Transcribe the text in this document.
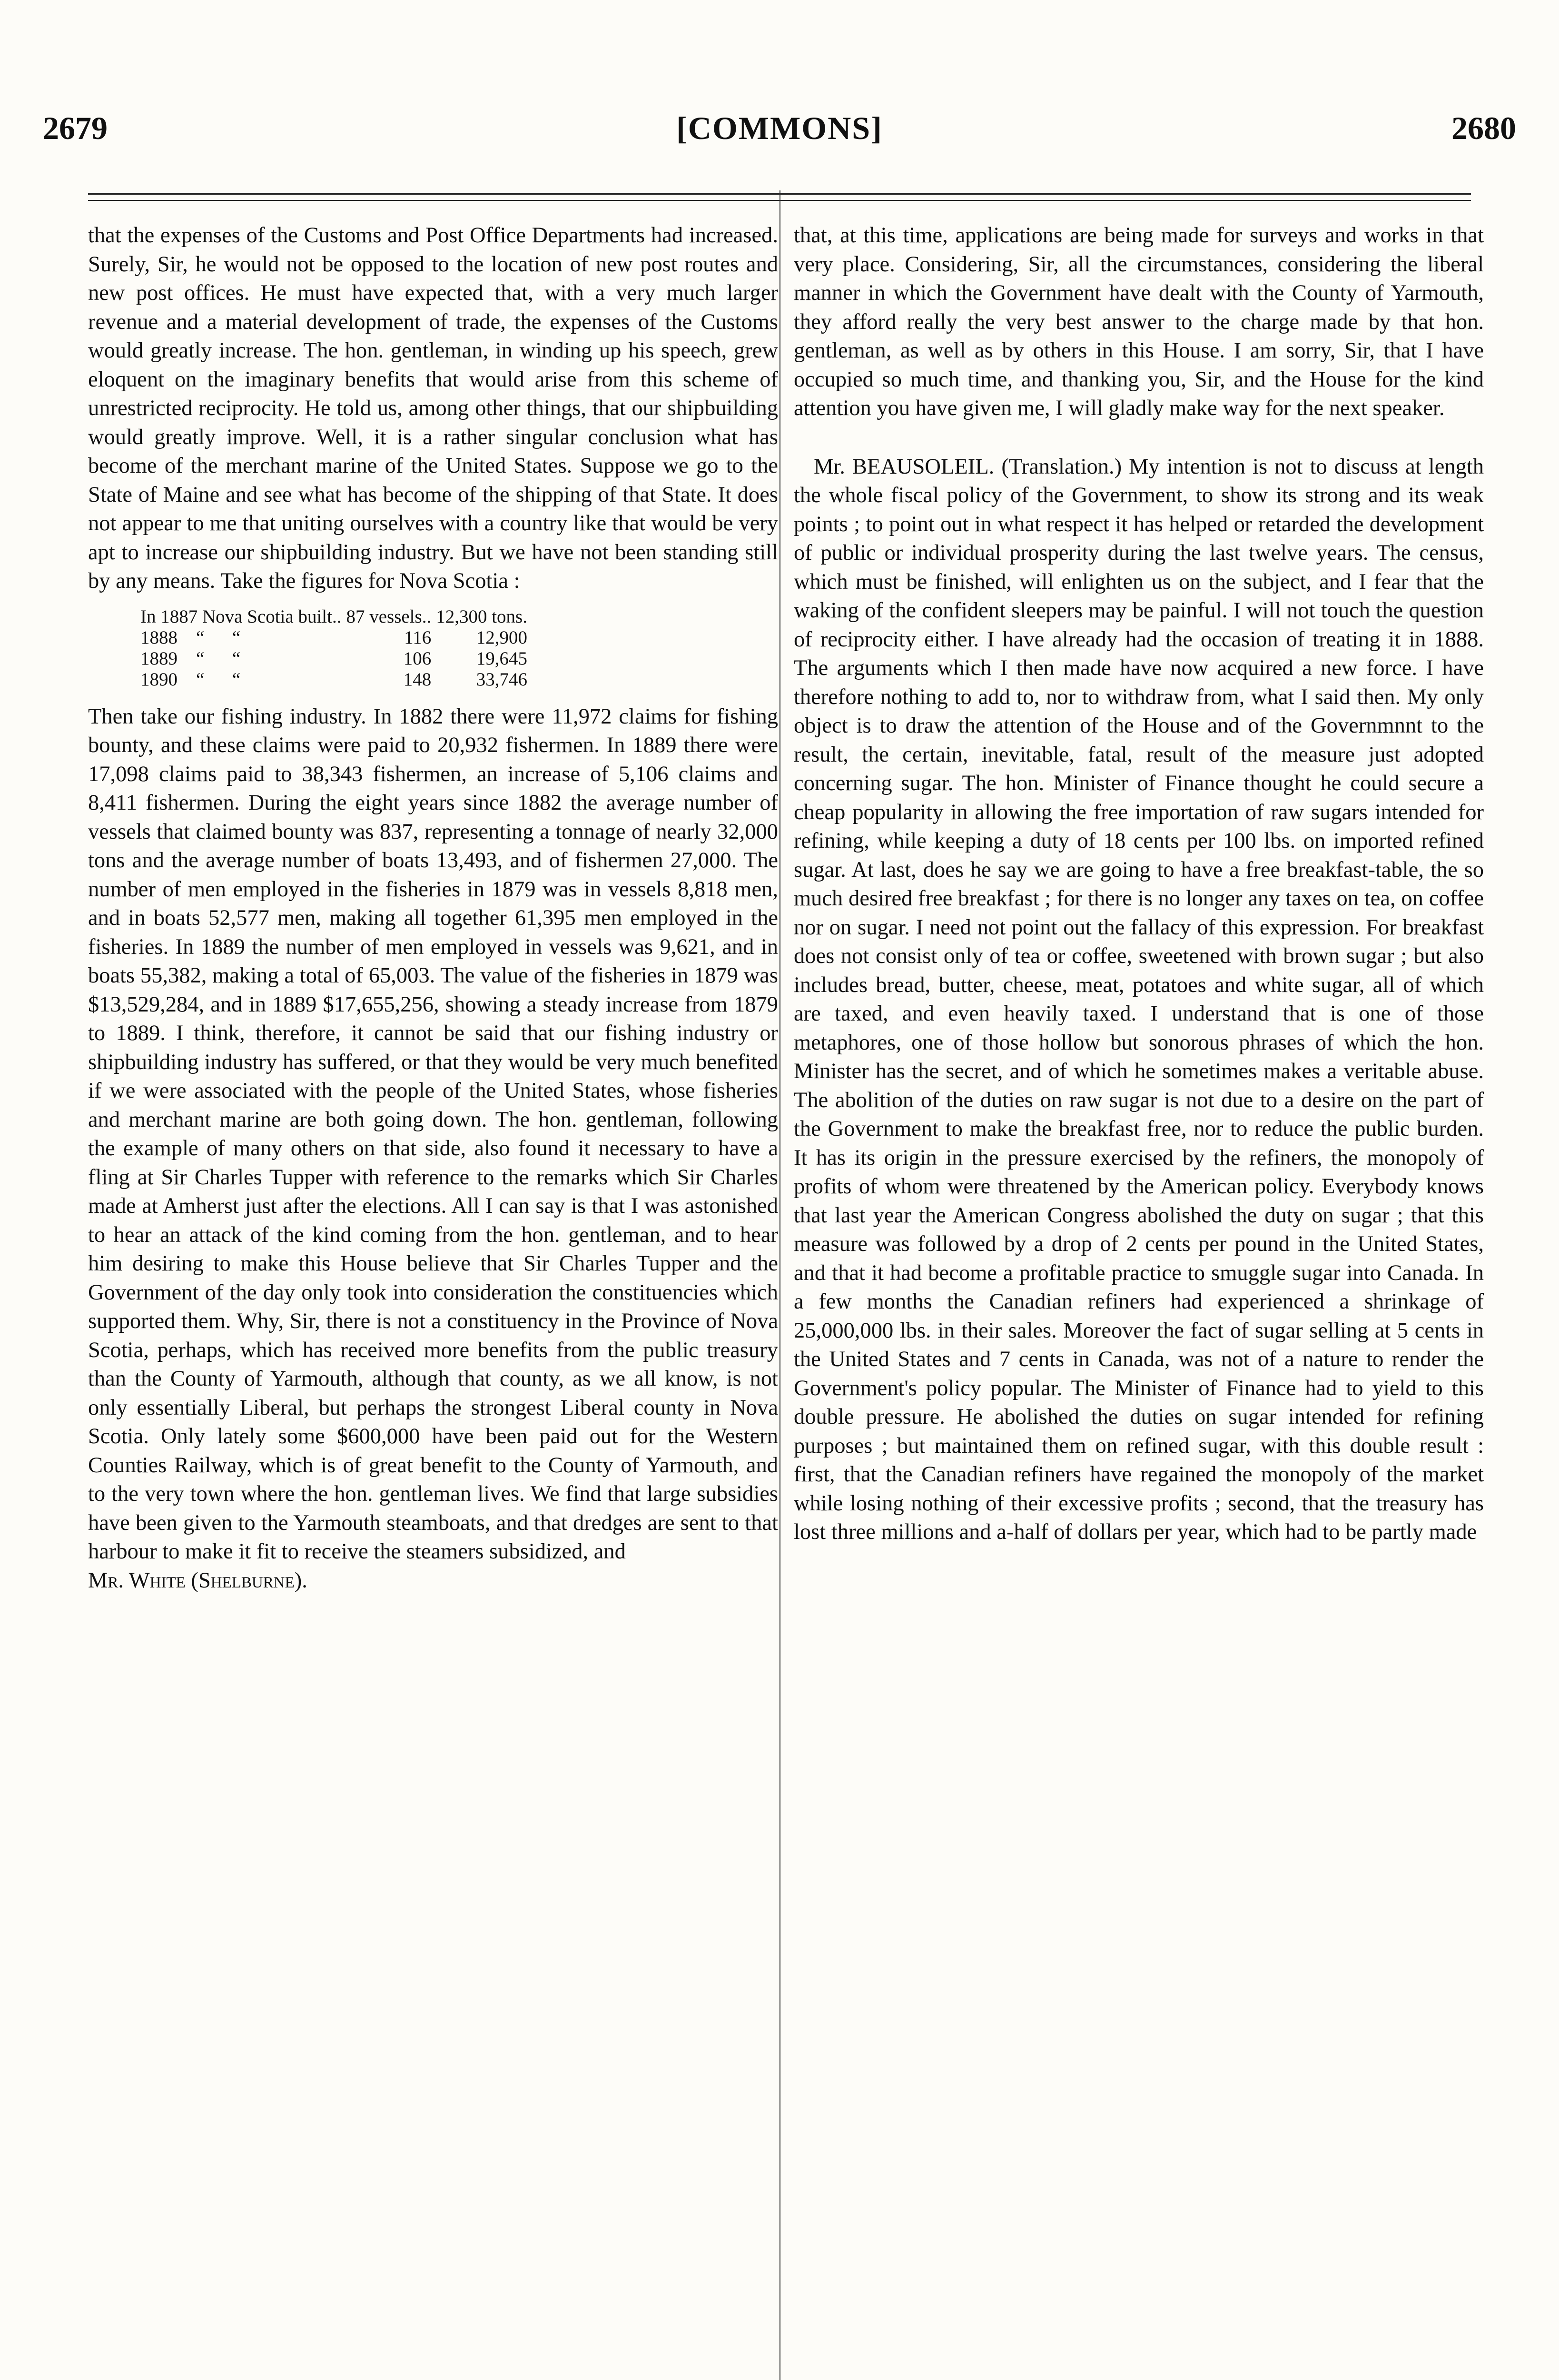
2679	[COMMONS]	2680

that the expenses of the Customs and Post Office Departments had increased. Surely, Sir, he would not be opposed to the location of new post routes and new post offices. He must have expected that, with a very much larger revenue and a material development of trade, the expenses of the Customs would greatly increase. The hon. gentleman, in winding up his speech, grew eloquent on the imaginary benefits that would arise from this scheme of unrestricted reciprocity. He told us, among other things, that our shipbuilding would greatly improve. Well, it is a rather singular conclusion what has become of the merchant marine of the United States. Suppose we go to the State of Maine and see what has become of the shipping of that State. It does not appear to me that uniting ourselves with a country like that would be very apt to increase our shipbuilding industry. But we have not been standing still by any means. Take the figures for Nova Scotia :

In 1887 Nova Scotia built..	87 vessels..	12,300 tons.
1888 “ “	116	12,900
1889 “ “	106	19,645
1890 “ “	148	33,746

Then take our fishing industry. In 1882 there were 11,972 claims for fishing bounty, and these claims were paid to 20,932 fishermen. In 1889 there were 17,098 claims paid to 38,343 fishermen, an increase of 5,106 claims and 8,411 fishermen. During the eight years since 1882 the average number of vessels that claimed bounty was 837, representing a tonnage of nearly 32,000 tons and the average number of boats 13,493, and of fishermen 27,000. The number of men employed in the fisheries in 1879 was in vessels 8,818 men, and in boats 52,577 men, making all together 61,395 men employed in the fisheries. In 1889 the number of men employed in vessels was 9,621, and in boats 55,382, making a total of 65,003. The value of the fisheries in 1879 was $13,529,284, and in 1889 $17,655,256, showing a steady increase from 1879 to 1889. I think, therefore, it cannot be said that our fishing industry or shipbuilding industry has suffered, or that they would be very much benefited if we were associated with the people of the United States, whose fisheries and merchant marine are both going down. The hon. gentleman, following the example of many others on that side, also found it necessary to have a fling at Sir Charles Tupper with reference to the remarks which Sir Charles made at Amherst just after the elections. All I can say is that I was astonished to hear an attack of the kind coming from the hon. gentleman, and to hear him desiring to make this House believe that Sir Charles Tupper and the Government of the day only took into consideration the constituencies which supported them. Why, Sir, there is not a constituency in the Province of Nova Scotia, perhaps, which has received more benefits from the public treasury than the County of Yarmouth, although that county, as we all know, is not only essentially Liberal, but perhaps the strongest Liberal county in Nova Scotia. Only lately some $600,000 have been paid out for the Western Counties Railway, which is of great benefit to the County of Yarmouth, and to the very town where the hon. gentleman lives. We find that large subsidies have been given to the Yarmouth steamboats, and that dredges are sent to that harbour to make it fit to receive the steamers subsidized, and

Mr. White (Shelburne).

that, at this time, applications are being made for surveys and works in that very place. Considering, Sir, all the circumstances, considering the liberal manner in which the Government have dealt with the County of Yarmouth, they afford really the very best answer to the charge made by that hon. gentleman, as well as by others in this House. I am sorry, Sir, that I have occupied so much time, and thanking you, Sir, and the House for the kind attention you have given me, I will gladly make way for the next speaker.

Mr. BEAUSOLEIL. (Translation.) My intention is not to discuss at length the whole fiscal policy of the Government, to show its strong and its weak points ; to point out in what respect it has helped or retarded the development of public or individual prosperity during the last twelve years. The census, which must be finished, will enlighten us on the subject, and I fear that the waking of the confident sleepers may be painful. I will not touch the question of reciprocity either. I have already had the occasion of treating it in 1888. The arguments which I then made have now acquired a new force. I have therefore nothing to add to, nor to withdraw from, what I said then. My only object is to draw the attention of the House and of the Governmnnt to the result, the certain, inevitable, fatal, result of the measure just adopted concerning sugar. The hon. Minister of Finance thought he could secure a cheap popularity in allowing the free importation of raw sugars intended for refining, while keeping a duty of 18 cents per 100 lbs. on imported refined sugar. At last, does he say we are going to have a free breakfast-table, the so much desired free breakfast ; for there is no longer any taxes on tea, on coffee nor on sugar. I need not point out the fallacy of this expression. For breakfast does not consist only of tea or coffee, sweetened with brown sugar ; but also includes bread, butter, cheese, meat, potatoes and white sugar, all of which are taxed, and even heavily taxed. I understand that is one of those metaphores, one of those hollow but sonorous phrases of which the hon. Minister has the secret, and of which he sometimes makes a veritable abuse. The abolition of the duties on raw sugar is not due to a desire on the part of the Government to make the breakfast free, nor to reduce the public burden. It has its origin in the pressure exercised by the refiners, the monopoly of profits of whom were threatened by the American policy. Everybody knows that last year the American Congress abolished the duty on sugar ; that this measure was followed by a drop of 2 cents per pound in the United States, and that it had become a profitable practice to smuggle sugar into Canada. In a few months the Canadian refiners had experienced a shrinkage of 25,000,000 lbs. in their sales. Moreover the fact of sugar selling at 5 cents in the United States and 7 cents in Canada, was not of a nature to render the Government's policy popular. The Minister of Finance had to yield to this double pressure. He abolished the duties on sugar intended for refining purposes ; but maintained them on refined sugar, with this double result : first, that the Canadian refiners have regained the monopoly of the market while losing nothing of their excessive profits ; second, that the treasury has lost three millions and a-half of dollars per year, which had to be partly made
